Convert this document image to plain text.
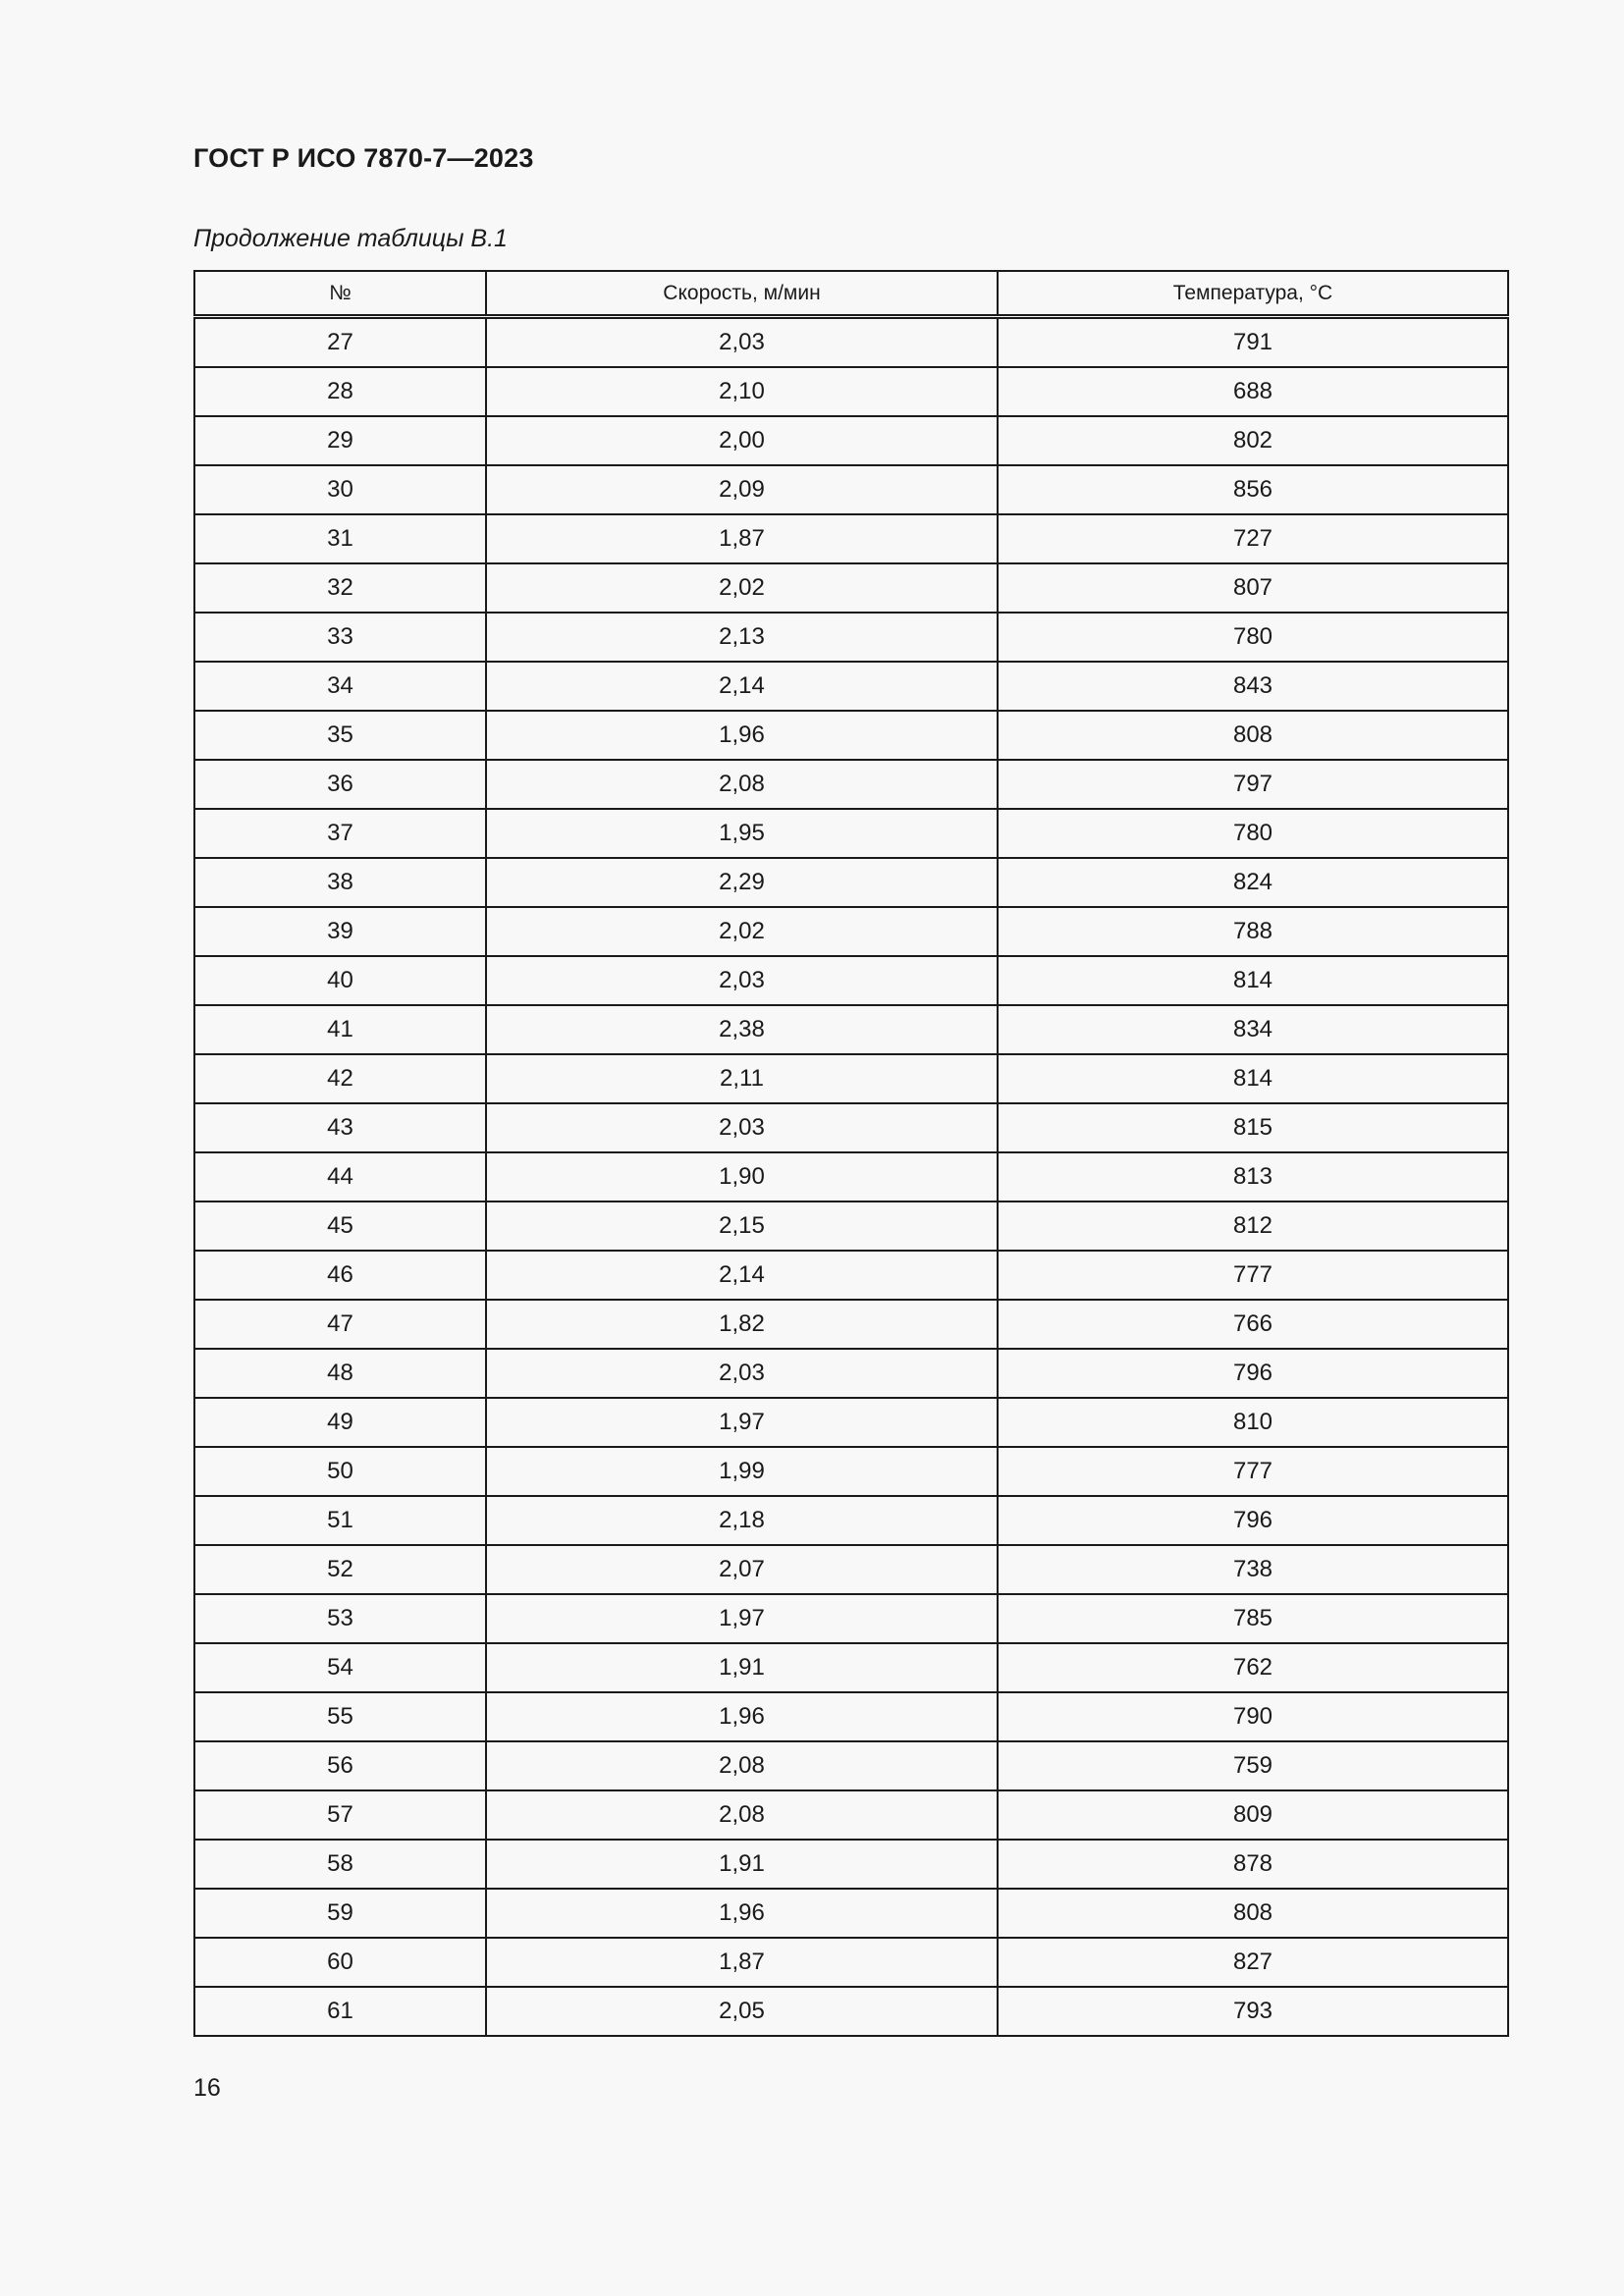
ГОСТ Р ИСО 7870-7—2023

Продолжение таблицы В.1

№	Скорость, м/мин	Температура, °С
27	2,03	791
28	2,10	688
29	2,00	802
30	2,09	856
31	1,87	727
32	2,02	807
33	2,13	780
34	2,14	843
35	1,96	808
36	2,08	797
37	1,95	780
38	2,29	824
39	2,02	788
40	2,03	814
41	2,38	834
42	2,11	814
43	2,03	815
44	1,90	813
45	2,15	812
46	2,14	777
47	1,82	766
48	2,03	796
49	1,97	810
50	1,99	777
51	2,18	796
52	2,07	738
53	1,97	785
54	1,91	762
55	1,96	790
56	2,08	759
57	2,08	809
58	1,91	878
59	1,96	808
60	1,87	827
61	2,05	793

16
